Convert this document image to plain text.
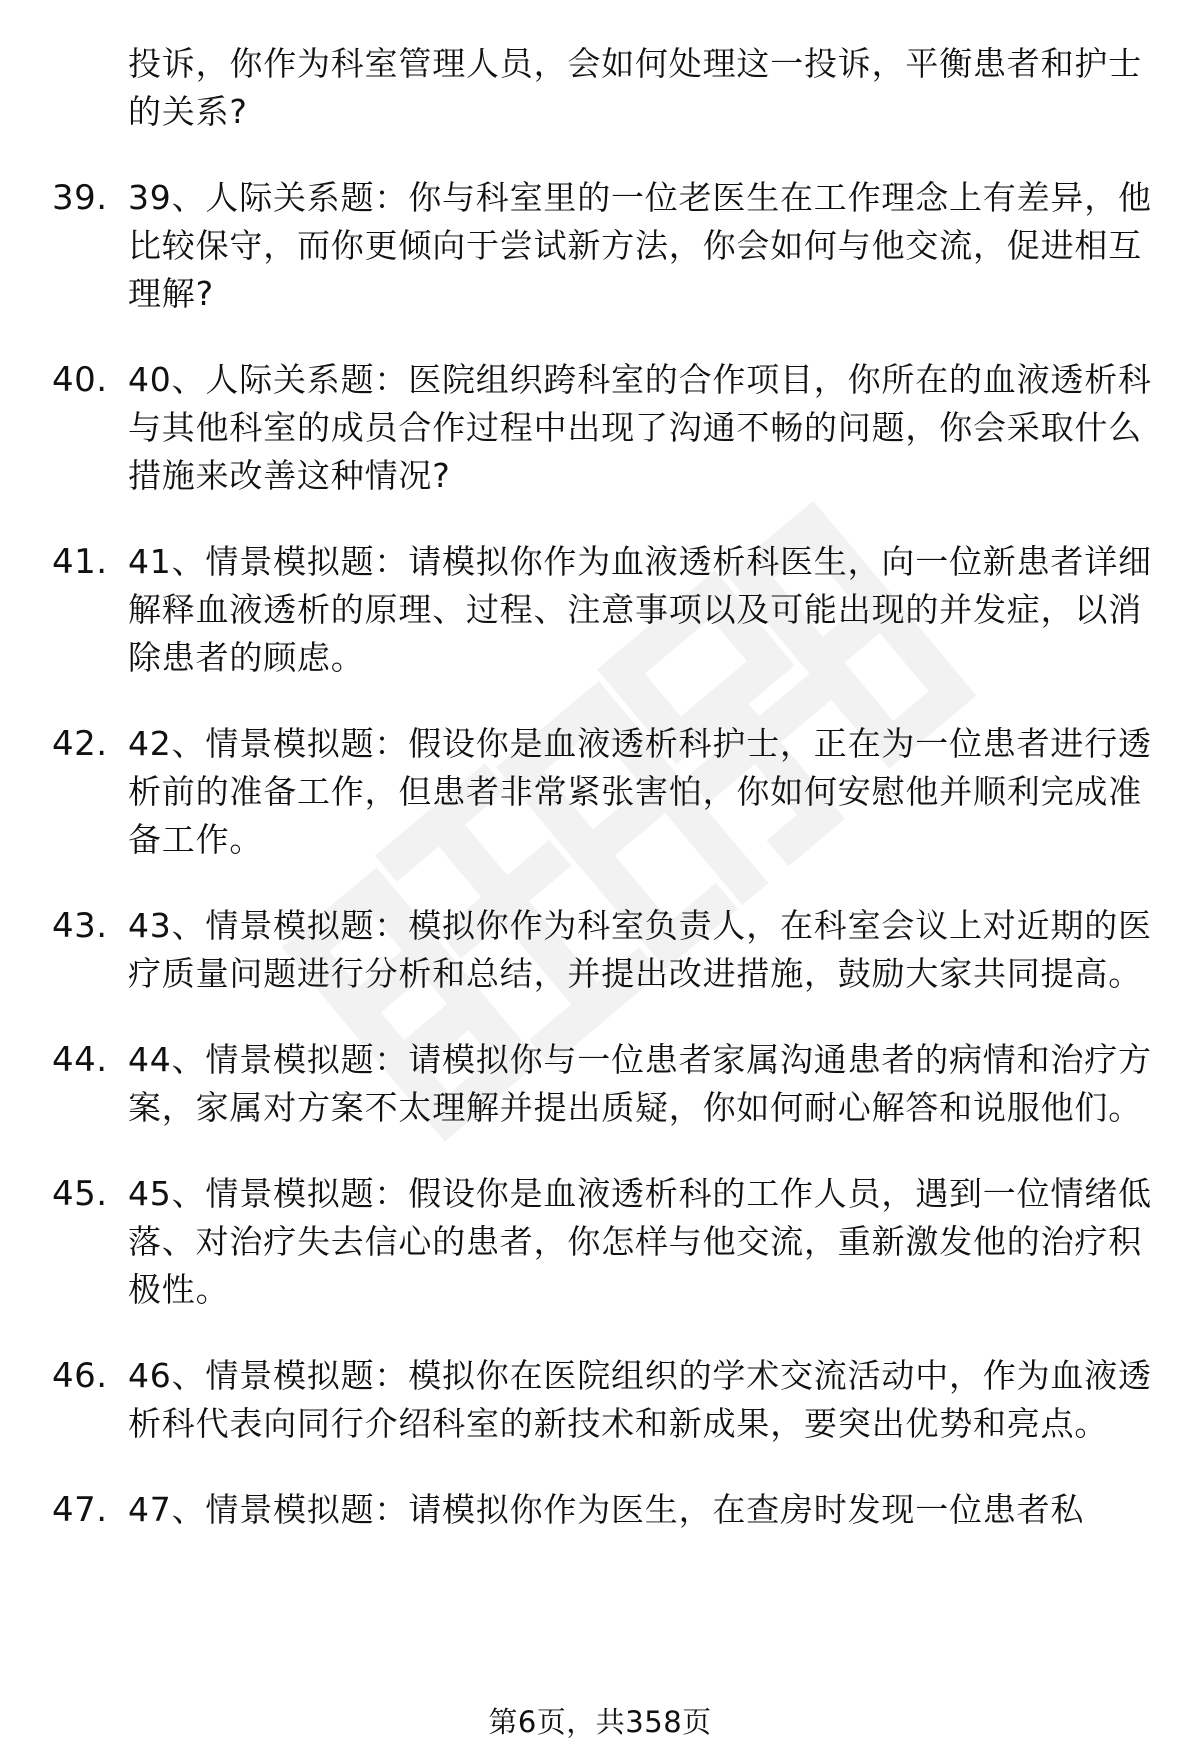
投诉，你作为科室管理人员，会如何处理这一投诉，平衡患者和护士的关系?
39. 39、人际关系题：你与科室里的一位老医生在工作理念上有差异，他比较保守，而你更倾向于尝试新方法，你会如何与他交流，促进相互理解?
40. 40、人际关系题：医院组织跨科室的合作项目，你所在的血液透析科与其他科室的成员合作过程中出现了沟通不畅的问题，你会采取什么措施来改善这种情况?
41. 41、情景模拟题：请模拟你作为血液透析科医生，向一位新患者详细解释血液透析的原理、过程、注意事项以及可能出现的并发症，以消除患者的顾虑。
42. 42、情景模拟题：假设你是血液透析科护士，正在为一位患者进行透析前的准备工作，但患者非常紧张害怕，你如何安慰他并顺利完成准备工作。
43. 43、情景模拟题：模拟你作为科室负责人，在科室会议上对近期的医疗质量问题进行分析和总结，并提出改进措施，鼓励大家共同提高。
44. 44、情景模拟题：请模拟你与一位患者家属沟通患者的病情和治疗方案，家属对方案不太理解并提出质疑，你如何耐心解答和说服他们。
45. 45、情景模拟题：假设你是血液透析科的工作人员，遇到一位情绪低落、对治疗失去信心的患者，你怎样与他交流，重新激发他的治疗积极性。
46. 46、情景模拟题：模拟你在医院组织的学术交流活动中，作为血液透析科代表向同行介绍科室的新技术和新成果，要突出优势和亮点。
47. 47、情景模拟题：请模拟你作为医生，在查房时发现一位患者私
第6页，共358页
